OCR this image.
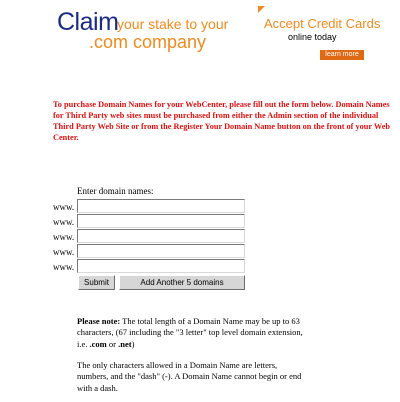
Claim
your stake to your
.com company
Accept Credit Cards
online today
learn more

To purchase Domain Names for your WebCenter, please fill out the form below. Domain Names for Third Party web sites must be purchased from either the Admin section of the individual Third Party Web Site or from the Register Your Domain Name button on the front of your Web Center.

Enter domain names:
www.
www.
www.
www.
www.
Submit	Add Another 5 domains

Please note: The total length of a Domain Name may be up to 63 characters, (67 including the "3 letter" top level domain extension, i.e. .com or .net)

The only characters allowed in a Domain Name are letters, numbers, and the "dash" (-). A Domain Name cannot begin or end with a dash.
